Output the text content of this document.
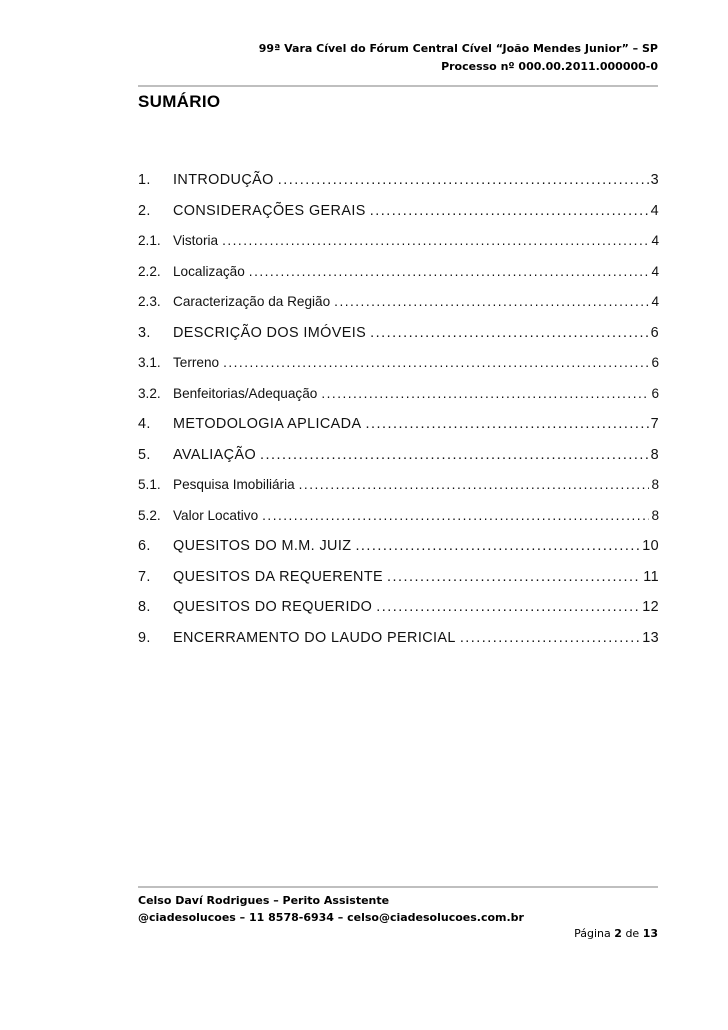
99ª Vara Cível do Fórum Central Cível “João Mendes Junior” – SP
Processo nº 000.00.2011.000000-0
SUMÁRIO
1.	INTRODUÇÃO .....	3
2.	CONSIDERAÇÕES GERAIS .....	4
2.1. Vistoria .....	4
2.2. Localização .....	4
2.3. Caracterização da Região .....	4
3.	DESCRIÇÃO DOS IMÓVEIS .....	6
3.1. Terreno .....	6
3.2. Benfeitorias/Adequação .....	6
4.	METODOLOGIA APLICADA .....	7
5.	AVALIAÇÃO .....	8
5.1. Pesquisa Imobiliária .....	8
5.2. Valor Locativo .....	8
6.	QUESITOS DO M.M. JUIZ .....	10
7.	QUESITOS DA REQUERENTE .....	11
8.	QUESITOS DO REQUERIDO .....	12
9.	ENCERRAMENTO DO LAUDO PERICIAL .....	13
Celso Daví Rodrigues – Perito Assistente
@ciadesolucoes – 11 8578-6934 – celso@ciadesolucoes.com.br
Página 2 de 13
